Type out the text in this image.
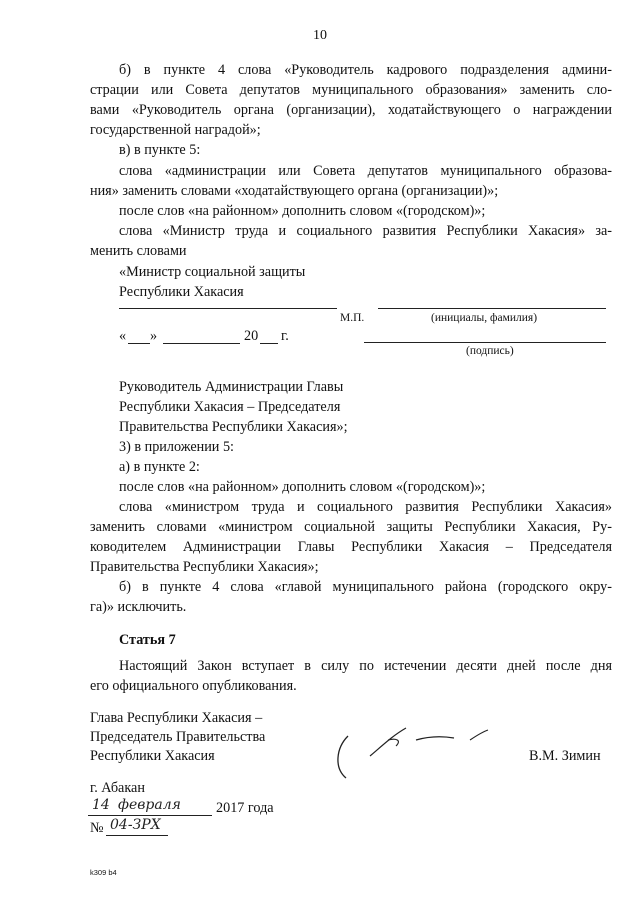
10
б) в пункте 4 слова «Руководитель кадрового подразделения админи-
страции или Совета депутатов муниципального образования» заменить сло-
вами «Руководитель органа (организации), ходатайствующего о награждении
государственной наградой»;
в) в пункте 5:
слова «администрации или Совета депутатов муниципального образова-
ния» заменить словами «ходатайствующего органа (организации)»;
после слов «на районном» дополнить словом «(городском)»;
слова «Министр труда и социального развития Республики Хакасия» за-
менить словами
«Министр социальной защиты
Республики Хакасия
М.П.	(инициалы, фамилия)
« »	20 г.
(подпись)
Руководитель Администрации Главы
Республики Хакасия – Председателя
Правительства Республики Хакасия»;
3) в приложении 5:
а) в пункте 2:
после слов «на районном» дополнить словом «(городском)»;
слова «министром труда и социального развития Республики Хакасия»
заменить словами «министром социальной защиты Республики Хакасия, Ру-
ководителем Администрации Главы Республики Хакасия – Председателя
Правительства Республики Хакасия»;
б) в пункте 4 слова «главой муниципального района (городского окру-
га)» исключить.
Статья 7
Настоящий Закон вступает в силу по истечении десяти дней после дня
его официального опубликования.
Глава Республики Хакасия –
Председатель Правительства
Республики Хакасия	В.М. Зимин
г. Абакан
14 февраля 2017 года
№ 04-ЗРХ
k309 b4
